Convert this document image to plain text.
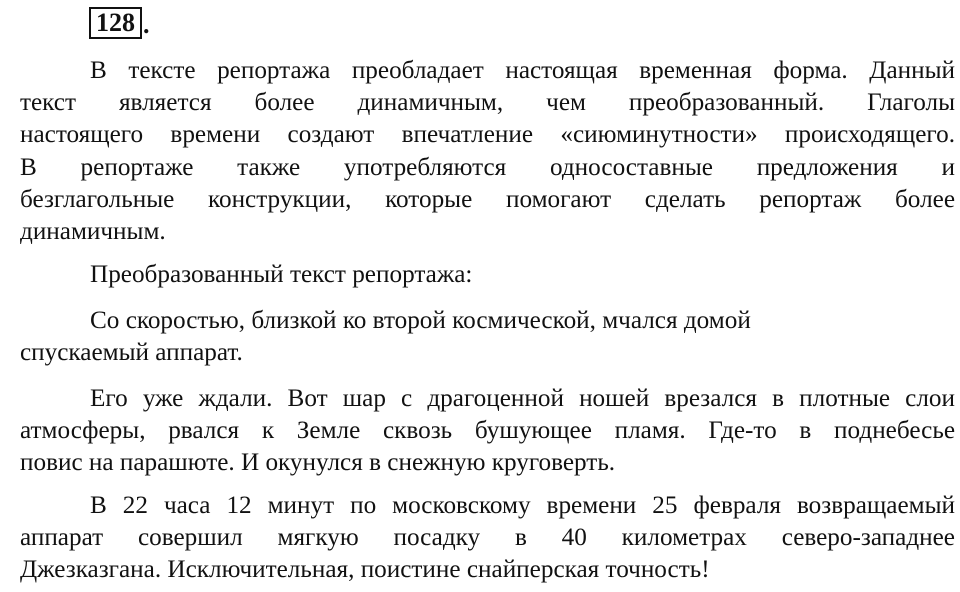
128 .
В тексте репортажа преобладает настоящая временная форма. Данный
текст является более динамичным, чем преобразованный. Глаголы
настоящего времени создают впечатление «сиюминутности» происходящего.
В репортаже также употребляются односоставные предложения и
безглагольные конструкции, которые помогают сделать репортаж более
динамичным.
Преобразованный текст репортажа:
Со скоростью, близкой ко второй космической, мчался домой
спускаемый аппарат.
Его уже ждали. Вот шар с драгоценной ношей врезался в плотные слои
атмосферы, рвался к Земле сквозь бушующее пламя. Где-то в поднебесье
повис на парашюте. И окунулся в снежную круговерть.
В 22 часа 12 минут по московскому времени 25 февраля возвращаемый
аппарат совершил мягкую посадку в 40 километрах северо-западнее
Джезказгана. Исключительная, поистине снайперская точность!
